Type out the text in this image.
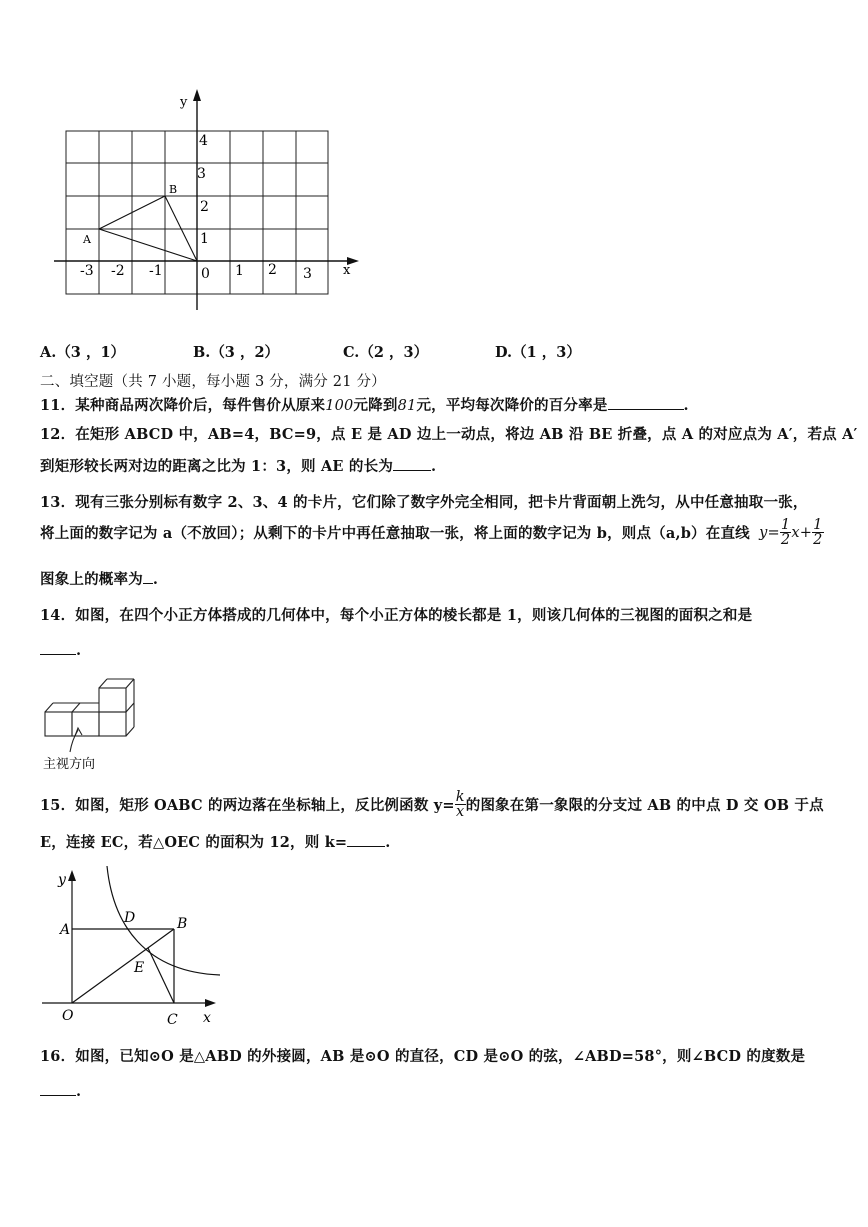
y
x
4
3
2
1
-3 -2 -1	0 1 2 3
A
B
A.（3 ，1）	B.（3 ，2）	C.（2 ，3）	D.（1 ，3）
二、填空题（共 7 小题，每小题 3 分，满分 21 分）
11．某种商品两次降价后，每件售价从原来100元降到81元，平均每次降价的百分率是	.
12．在矩形 ABCD 中，AB=4，BC=9，点 E 是 AD 边上一动点，将边 AB 沿 BE 折叠，点 A 的对应点为 A′，若点 A′
到矩形较长两对边的距离之比为 1：3，则 AE 的长为	.
13．现有三张分别标有数字 2、3、4 的卡片，它们除了数字外完全相同，把卡片背面朝上洗匀，从中任意抽取一张，
将上面的数字记为 a（不放回）；从剩下的卡片中再任意抽取一张，将上面的数字记为 b，则点（a,b）在直线 $y= \frac{1}{2} x+ \frac{1}{2}$
图象上的概率为 .
14．如图，在四个小正方体搭成的几何体中，每个小正方体的棱长都是 1，则该几何体的三视图的面积之和是
.
主视方向
15．如图，矩形 OABC 的两边落在坐标轴上，反比例函数 $y= \frac{k}{x}$ 的图象在第一象限的分支过 AB 的中点 D 交 OB 于点
E，连接 EC，若△OEC 的面积为 12，则 k=	.
y
x
A	B
C
D
E
O
16．如图，已知⊙O 是△ABD 的外接圆，AB 是⊙O 的直径，CD 是⊙O 的弦，∠ABD=58°，则∠BCD 的度数是
.
